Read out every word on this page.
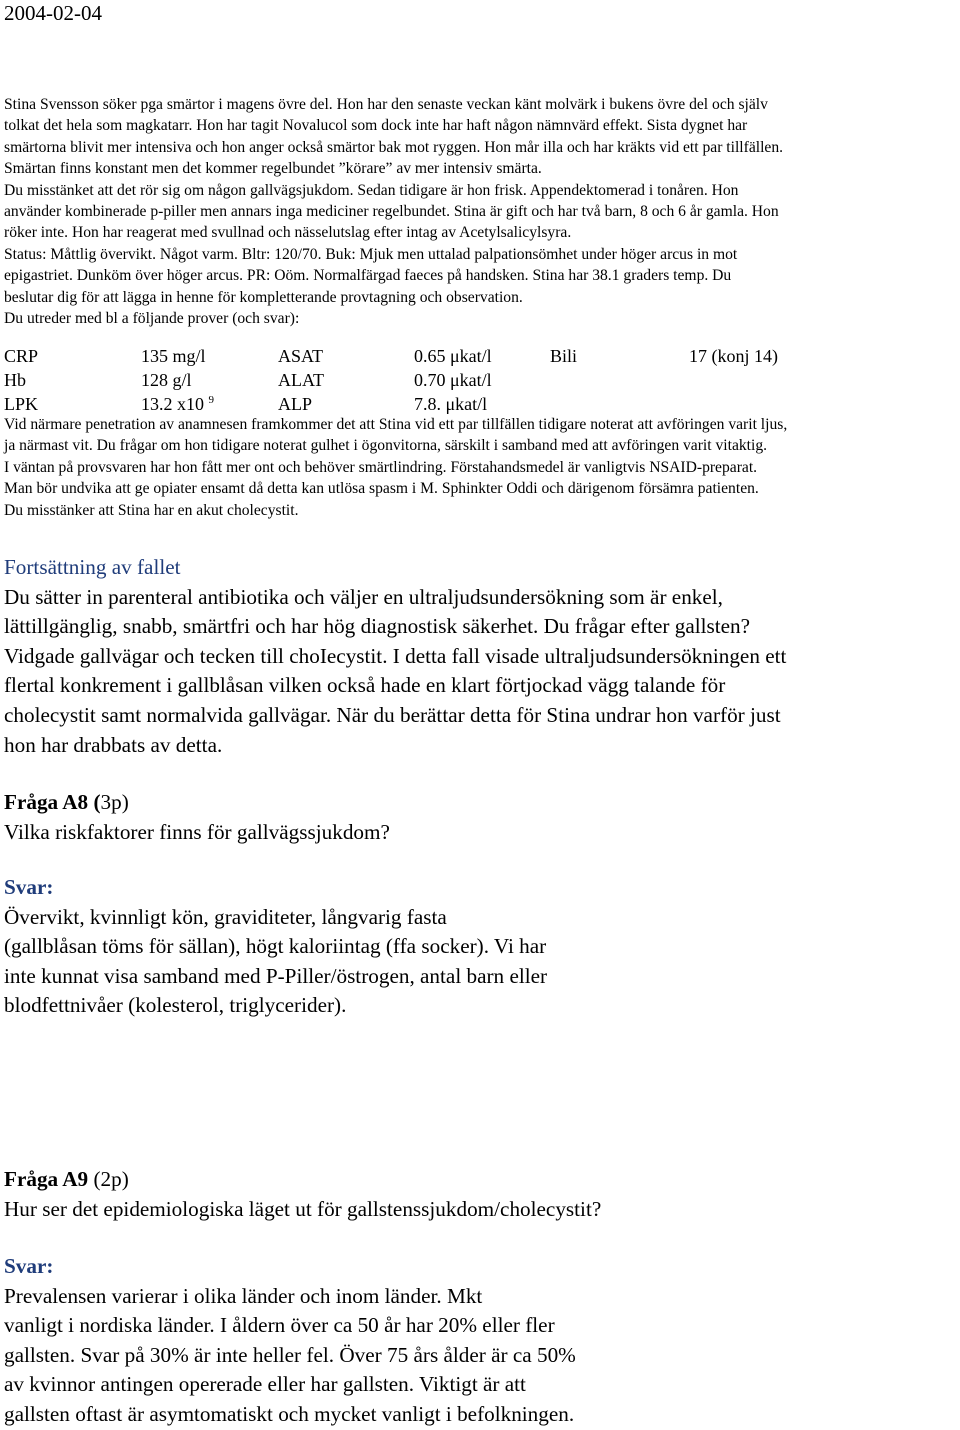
2004-02-04

Stina Svensson söker pga smärtor i magens övre del. Hon har den senaste veckan känt molvärk i bukens övre del och själv

tolkat det hela som magkatarr. Hon har tagit Novalucol som dock inte har haft någon nämnvärd effekt. Sista dygnet har

smärtorna blivit mer intensiva och hon anger också smärtor bak mot ryggen. Hon mår illa och har kräkts vid ett par tillfällen.

Smärtan finns konstant men det kommer regelbundet ”körare” av mer intensiv smärta.

Du misstänket att det rör sig om någon gallvägsjukdom. Sedan tidigare är hon frisk. Appendektomerad i tonåren. Hon

använder kombinerade p-piller men annars inga mediciner regelbundet. Stina är gift och har två barn, 8 och 6 år gamla. Hon

röker inte. Hon har reagerat med svullnad och nässelutslag efter intag av Acetylsalicylsyra.

Status: Måttlig övervikt. Något varm. Bltr: 120/70. Buk: Mjuk men uttalad palpationsömhet under höger arcus in mot

epigastriet. Dunköm över höger arcus. PR: Oöm. Normalfärgad faeces på handsken. Stina har 38.1 graders temp. Du

beslutar dig för att lägga in henne för kompletterande provtagning och observation.

Du utreder med bl a följande prover (och svar):

CRP	135 mg/l	ASAT	0.65 μkat/l	Bili	17 (konj 14)
Hb	128 g/l	ALAT	0.70 μkat/l		
LPK	13.2 x10 $^9$	ALP	7.8. μkat/l		

Vid närmare penetration av anamnesen framkommer det att Stina vid ett par tillfällen tidigare noterat att avföringen varit ljus,

ja närmast vit. Du frågar om hon tidigare noterat gulhet i ögonvitorna, särskilt i samband med att avföringen varit vitaktig.

I väntan på provsvaren har hon fått mer ont och behöver smärtlindring. Förstahandsmedel är vanligtvis NSAID-preparat.

Man bör undvika att ge opiater ensamt då detta kan utlösa spasm i M. Sphinkter Oddi och därigenom försämra patienten.

Du misstänker att Stina har en akut cholecystit.

Fortsättning av fallet

Du sätter in parenteral antibiotika och väljer en ultraljudsundersökning som är enkel,

lättillgänglig, snabb, smärtfri och har hög diagnostisk säkerhet. Du frågar efter gallsten?

Vidgade gallvägar och tecken till choIecystit. I detta fall visade ultraljudsundersökningen ett

flertal konkrement i gallblåsan vilken också hade en klart förtjockad vägg talande för

cholecystit samt normalvida gallvägar. När du berättar detta för Stina undrar hon varför just

hon har drabbats av detta.

Fråga A8 (3p)

Vilka riskfaktorer finns för gallvägssjukdom?

Svar:

Övervikt, kvinnligt kön, graviditeter, långvarig fasta

(gallblåsan töms för sällan), högt kaloriintag (ffa socker). Vi har

inte kunnat visa samband med P-Piller/östrogen, antal barn eller

blodfettnivåer (kolesterol, triglycerider).

Fråga A9 (2p)

Hur ser det epidemiologiska läget ut för gallstenssjukdom/cholecystit?

Svar:

Prevalensen varierar i olika länder och inom länder. Mkt

vanligt i nordiska länder. I åldern över ca 50 år har 20% eller fler

gallsten. Svar på 30% är inte heller fel. Över 75 års ålder är ca 50%

av kvinnor antingen opererade eller har gallsten. Viktigt är att

gallsten oftast är asymtomatiskt och mycket vanligt i befolkningen.
